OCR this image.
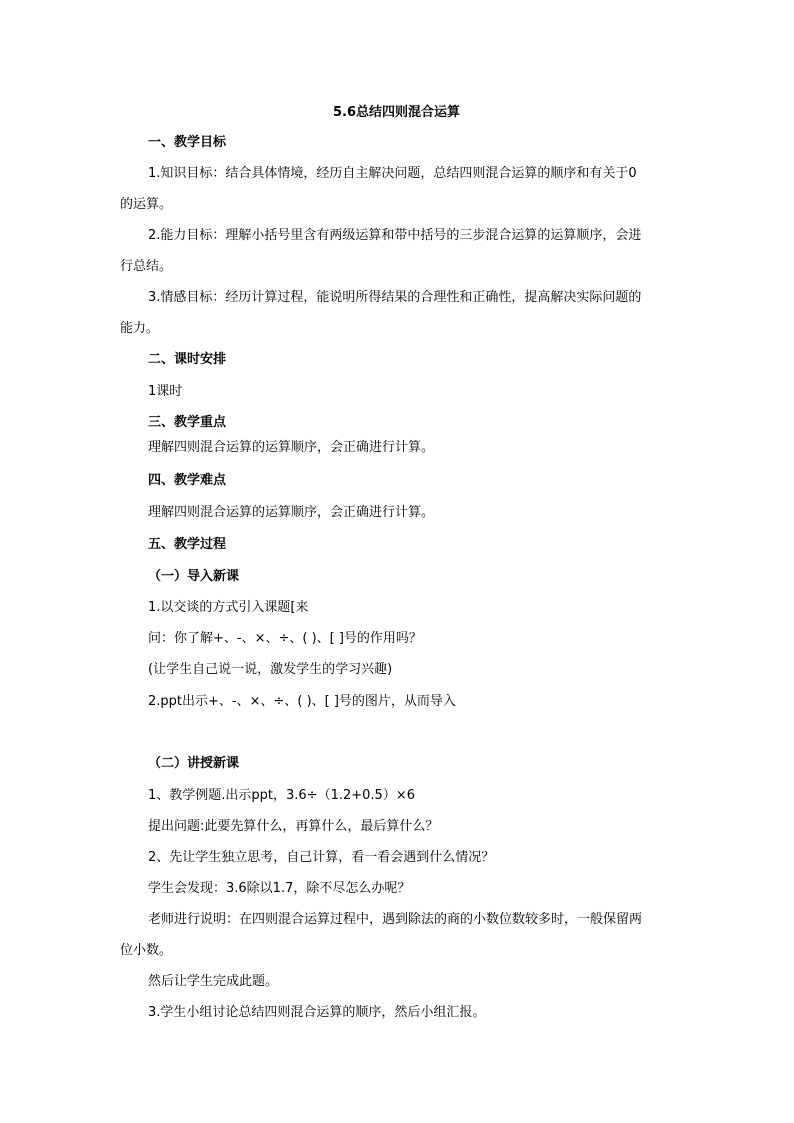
5.6总结四则混合运算
一、教学目标
1.知识目标：结合具体情境，经历自主解决问题，总结四则混合运算的顺序和有关于0
的运算。
2.能力目标：理解小括号里含有两级运算和带中括号的三步混合运算的运算顺序，会进
行总结。
3.情感目标：经历计算过程，能说明所得结果的合理性和正确性，提高解决实际问题的
能力。
二、课时安排
1课时
三、教学重点
理解四则混合运算的运算顺序，会正确进行计算。
四、教学难点
理解四则混合运算的运算顺序，会正确进行计算。
五、教学过程
（一）导入新课
1.以交谈的方式引入课题[来
问：你了解+、-、×、÷、( )、[ ]号的作用吗？
(让学生自己说一说，激发学生的学习兴趣)
2.ppt出示+、-、×、÷、( )、[ ]号的图片，从而导入
（二）讲授新课
1、教学例题.出示ppt，3.6÷（1.2+0.5）×6
提出问题:此要先算什么，再算什么，最后算什么？
2、先让学生独立思考，自己计算，看一看会遇到什么情况？
学生会发现：3.6除以1.7，除不尽怎么办呢？
老师进行说明：在四则混合运算过程中，遇到除法的商的小数位数较多时，一般保留两
位小数。
然后让学生完成此题。
3.学生小组讨论总结四则混合运算的顺序，然后小组汇报。
